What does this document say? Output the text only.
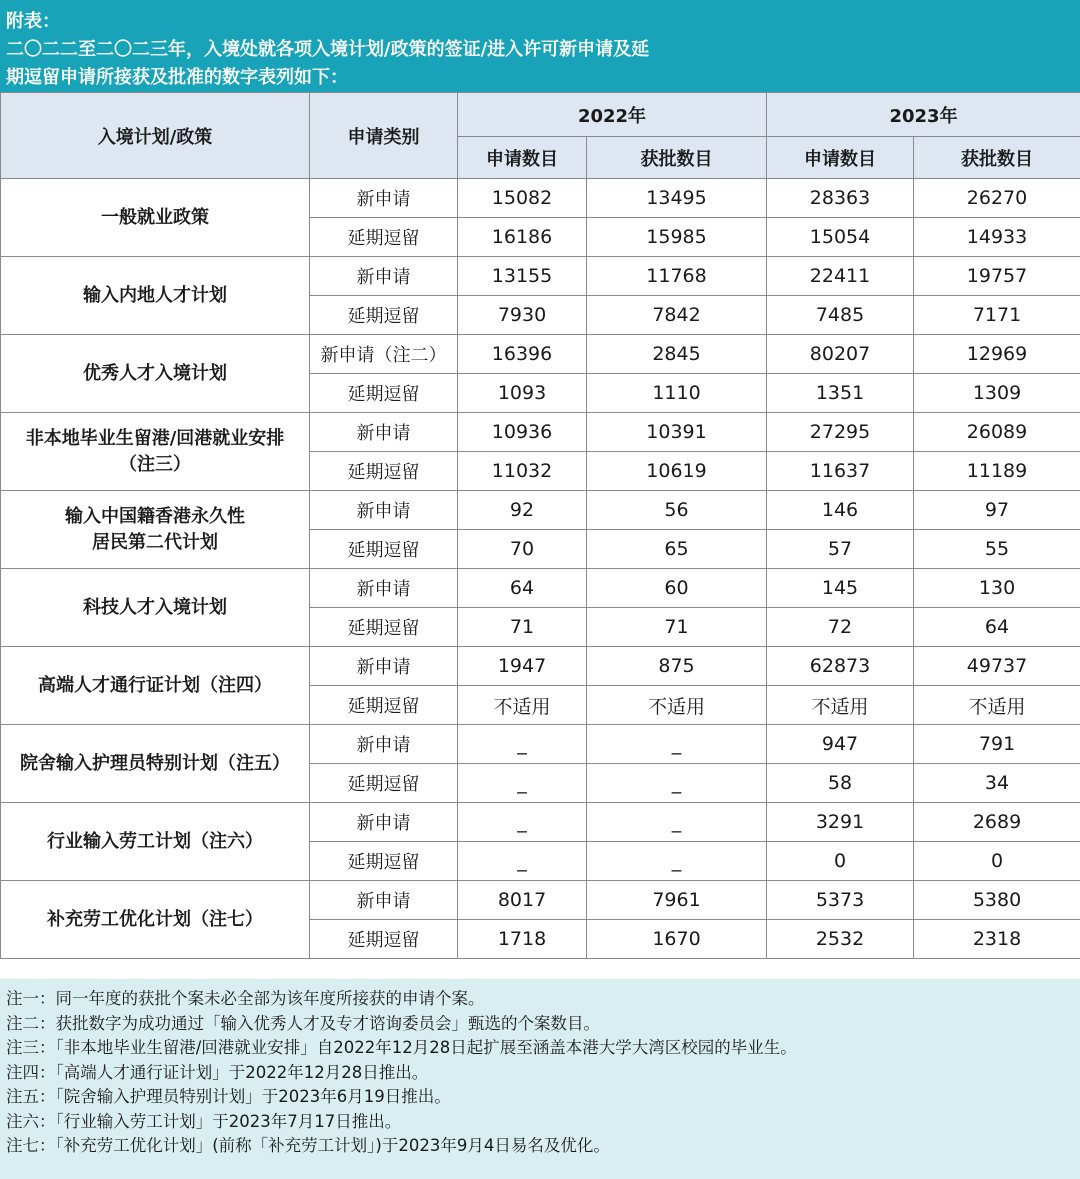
附表：
二〇二二至二〇二三年，入境处就各项入境计划/政策的签证/进入许可新申请及延
期逗留申请所接获及批准的数字表列如下：
入境计划/政策	申请类别	2022年		2023年	
		申请数目	获批数目	申请数目	获批数目

一般就业政策	新申请	15082	13495	28363	26270
	延期逗留	16186	15985	15054	14933

输入内地人才计划	新申请	13155	11768	22411	19757
	延期逗留	7930	7842	7485	7171

优秀人才入境计划	新申请（注二）	16396	2845	80207	12969
	延期逗留	1093	1110	1351	1309

非本地毕业生留港/回港就业安排
（注三）	新申请	10936	10391	27295	26089
	延期逗留	11032	10619	11637	11189

输入中国籍香港永久性
居民第二代计划	新申请	92	56	146	97
	延期逗留	70	65	57	55

科技人才入境计划	新申请	64	60	145	130
	延期逗留	71	71	72	64

高端人才通行证计划（注四）	新申请	1947	875	62873	49737
	延期逗留	不适用	不适用	不适用	不适用

院舍输入护理员特别计划（注五）	新申请	_	_	947	791
	延期逗留	_	_	58	34

行业输入劳工计划（注六）	新申请	_	_	3291	2689
	延期逗留	_	_	0	0

补充劳工优化计划（注七）	新申请	8017	7961	5373	5380
	延期逗留	1718	1670	2532	2318
注一：同一年度的获批个案未必全部为该年度所接获的申请个案。
注二：获批数字为成功通过「输入优秀人才及专才谘询委员会」甄选的个案数目。
注三：「非本地毕业生留港/回港就业安排」自2022年12月28日起扩展至涵盖本港大学大湾区校园的毕业生。
注四：「高端人才通行证计划」于2022年12月28日推出。
注五：「院舍输入护理员特别计划」于2023年6月19日推出。
注六：「行业输入劳工计划」于2023年7月17日推出。
注七：「补充劳工优化计划」(前称「补充劳工计划」)于2023年9月4日易名及优化。
